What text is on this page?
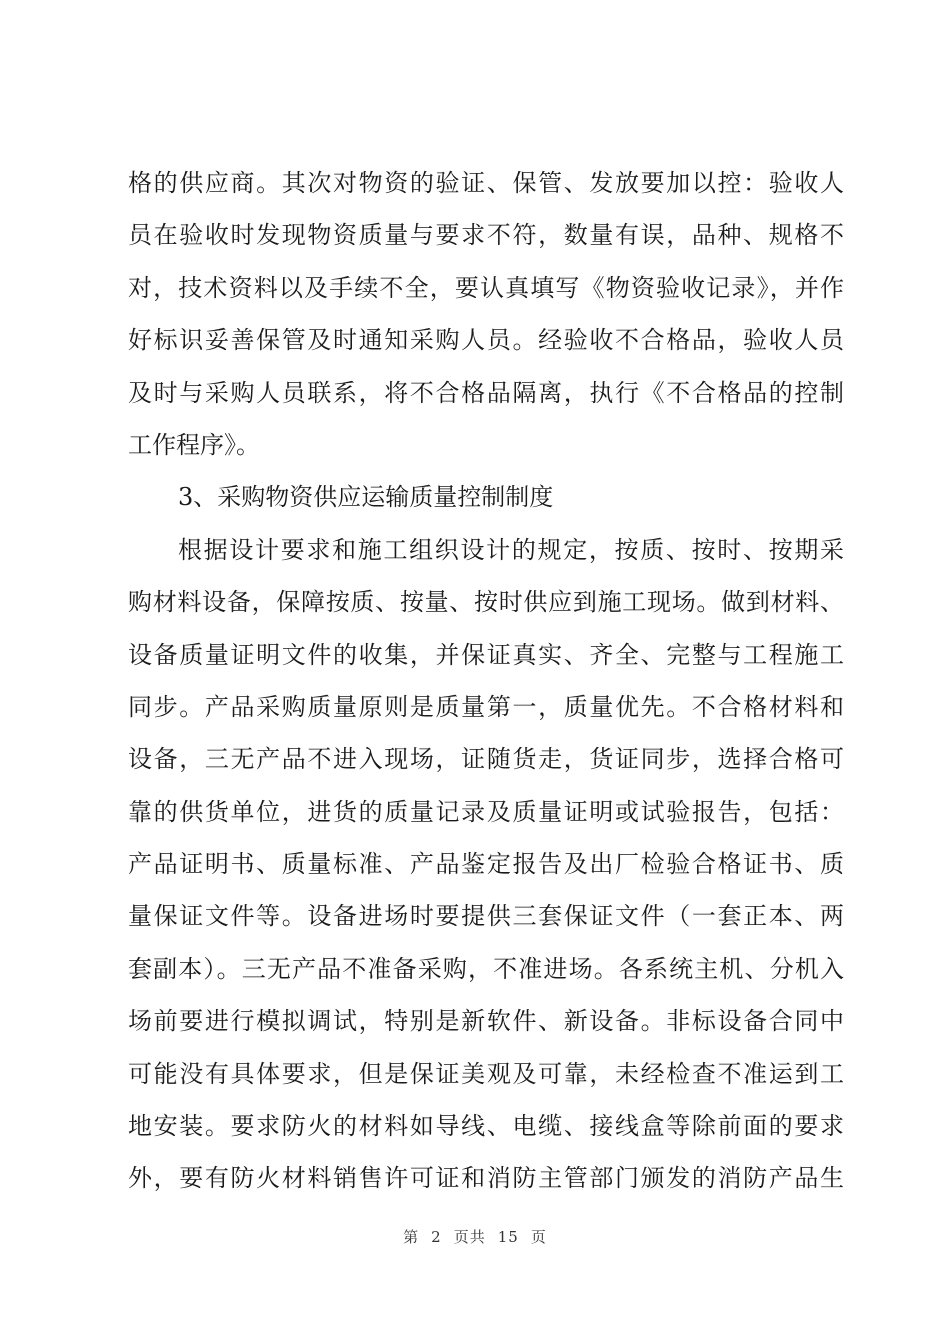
格的供应商。其次对物资的验证、保管、发放要加以控：验收人
员在验收时发现物资质量与要求不符，数量有误，品种、规格不
对，技术资料以及手续不全，要认真填写《物资验收记录》，并作
好标识妥善保管及时通知采购人员。经验收不合格品，验收人员
及时与采购人员联系，将不合格品隔离，执行《不合格品的控制
工作程序》。
3、采购物资供应运输质量控制制度
根据设计要求和施工组织设计的规定，按质、按时、按期采
购材料设备，保障按质、按量、按时供应到施工现场。做到材料、
设备质量证明文件的收集，并保证真实、齐全、完整与工程施工
同步。产品采购质量原则是质量第一，质量优先。不合格材料和
设备，三无产品不进入现场，证随货走，货证同步，选择合格可
靠的供货单位，进货的质量记录及质量证明或试验报告，包括：
产品证明书、质量标准、产品鉴定报告及出厂检验合格证书、质
量保证文件等。设备进场时要提供三套保证文件（一套正本、两
套副本）。三无产品不准备采购，不准进场。各系统主机、分机入
场前要进行模拟调试，特别是新软件、新设备。非标设备合同中
可能没有具体要求，但是保证美观及可靠，未经检查不准运到工
地安装。要求防火的材料如导线、电缆、接线盒等除前面的要求
外，要有防火材料销售许可证和消防主管部门颁发的消防产品生
第 2 页共 15 页
